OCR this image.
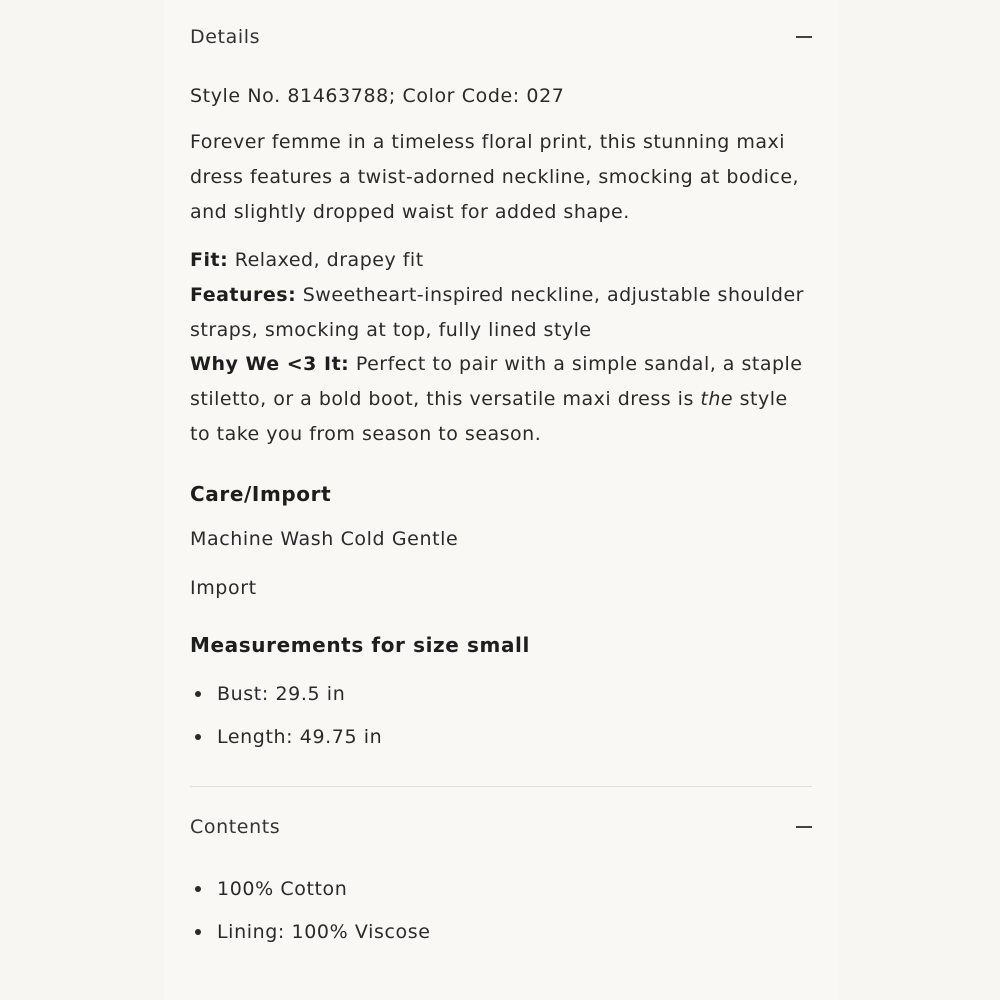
Details

Style No. 81463788; Color Code: 027

Forever femme in a timeless floral print, this stunning maxi dress features a twist-adorned neckline, smocking at bodice, and slightly dropped waist for added shape.

Fit: Relaxed, drapey fit

Features: Sweetheart-inspired neckline, adjustable shoulder straps, smocking at top, fully lined style

Why We <3 It: Perfect to pair with a simple sandal, a staple stiletto, or a bold boot, this versatile maxi dress is the style to take you from season to season.

Care/Import

Machine Wash Cold Gentle

Import

Measurements for size small

Bust: 29.5 in
Length: 49.75 in
Contents
100% Cotton
Lining: 100% Viscose
